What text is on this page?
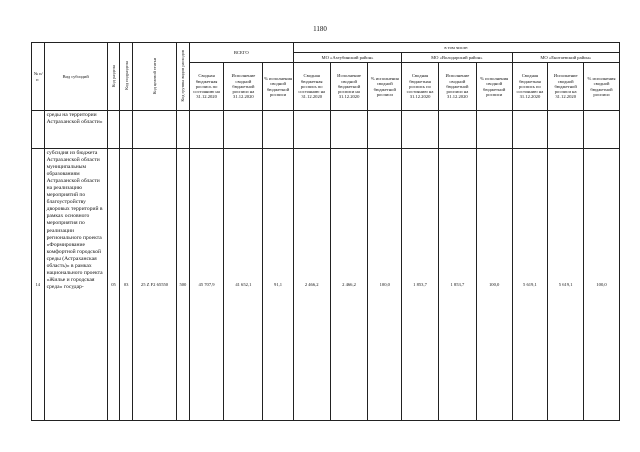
1180
№ п/п	Вид субсидий	Код раздела	Код подраздела	Код целевой статьи	Код группы видов расходов	ВСЕГО			в том числе:								
									МО «Ахтубинский район»			МО «Володарский район»			МО «Енотаевский район»		
						Сводная бюджетная роспись по состоянию на 31.12.2020	Исполнение сводной бюджетной росписи на 31.12.2020	% исполнения сводной бюджетной росписи	Сводная бюджетная роспись по состоянию на 31.12.2020	Исполнение сводной бюджетной росписи на 31.12.2020	% исполнения сводной бюджетной росписи	Сводная бюджетная роспись по состоянию на 31.12.2020	Исполнение сводной бюджетной росписи на 31.12.2020	% исполнения сводной бюджетной росписи	Сводная бюджетная роспись по состоянию на 31.12.2020	Исполнение сводной бюджетной росписи на 31.12.2020	% исполнения сводной бюджетной росписи
	среды на территории Астраханской области»																
14	субсидия из бюджета Астраханской области муниципальным образованиям Астраханской области на реализацию мероприятий по благоустройству дворовых территорий в рамках основного мероприятия по реализации регионального проекта «Формирование комфортной городской среды (Астраханская область)» в рамках национального проекта «Жилье и городская среда» государ-	05	03	25 Z F2 65550	500	45 707,9	41 652,1	91,1	2 466,2	2 466,2	100,0	1 853,7	1 853,7	100,0	5 619,1	5 619,1	100,0
